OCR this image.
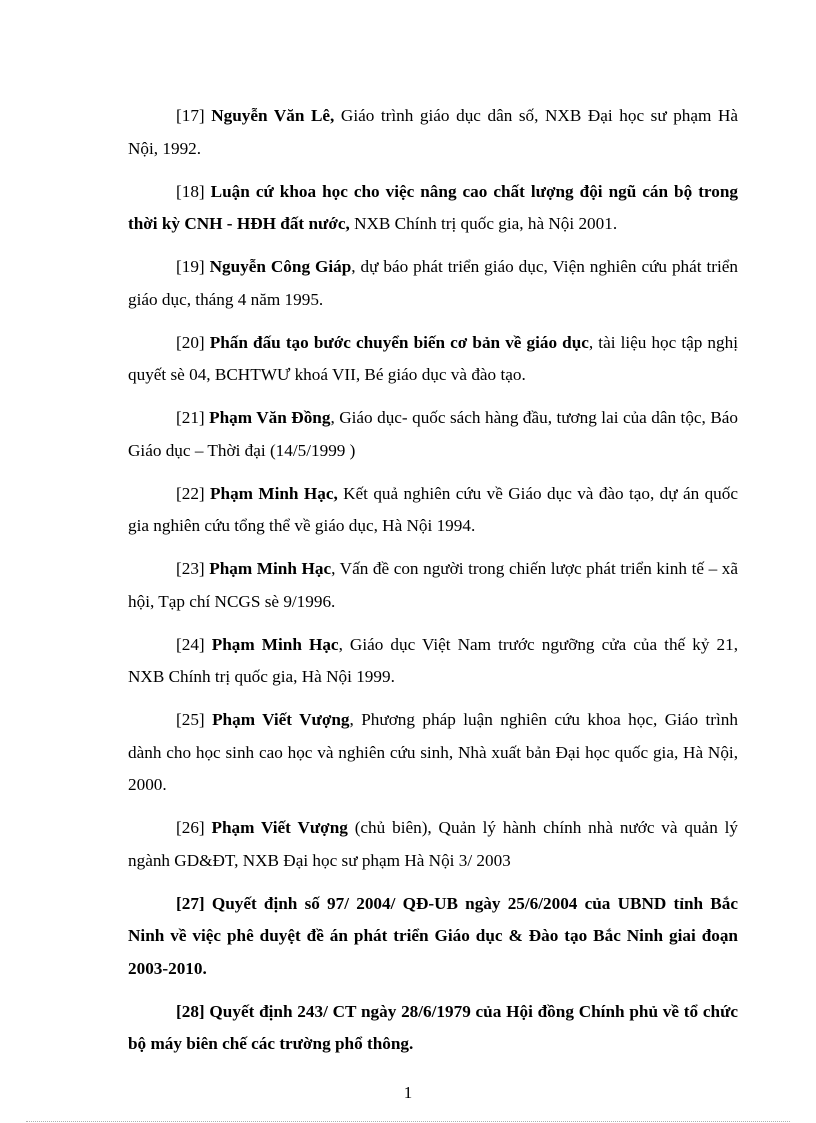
[17] Nguyễn Văn Lê, Giáo trình giáo dục dân số, NXB Đại học sư phạm Hà Nội, 1992.

[18] Luận cứ khoa học cho việc nâng cao chất lượng đội ngũ cán bộ trong thời kỳ CNH - HĐH đất nước, NXB Chính trị quốc gia, hà Nội 2001.

[19] Nguyễn Công Giáp, dự báo phát triển giáo dục, Viện nghiên cứu phát triển giáo dục, tháng 4 năm 1995.

[20] Phấn đấu tạo bước chuyển biến cơ bản về giáo dục, tài liệu học tập nghị quyết sè 04, BCHTWƯ khoá VII, Bé giáo dục và đào tạo.

[21] Phạm Văn Đồng, Giáo dục- quốc sách hàng đầu, tương lai của dân tộc, Báo Giáo dục – Thời đại (14/5/1999 )

[22] Phạm Minh Hạc, Kết quả nghiên cứu về Giáo dục và đào tạo, dự án quốc gia nghiên cứu tổng thể về giáo dục, Hà Nội 1994.

[23] Phạm Minh Hạc, Vấn đề con người trong chiến lược phát triển kinh tế – xã hội, Tạp chí NCGS sè 9/1996.

[24] Phạm Minh Hạc, Giáo dục Việt Nam trước ngưỡng cửa của thế kỷ 21, NXB Chính trị quốc gia, Hà Nội 1999.

[25] Phạm Viết Vượng, Phương pháp luận nghiên cứu khoa học, Giáo trình dành cho học sinh cao học và nghiên cứu sinh, Nhà xuất bản Đại học quốc gia, Hà Nội, 2000.

[26] Phạm Viết Vượng (chủ biên), Quản lý hành chính nhà nước và quản lý ngành GD&ĐT, NXB Đại học sư phạm Hà Nội 3/ 2003

[27] Quyết định số 97/ 2004/ QĐ-UB ngày 25/6/2004 của UBND tỉnh Bắc Ninh về việc phê duyệt đề án phát triển Giáo dục & Đào tạo Bắc Ninh giai đoạn 2003-2010.

[28] Quyết định 243/ CT ngày 28/6/1979 của Hội đồng Chính phủ về tổ chức bộ máy biên chế các trường phổ thông.

1
